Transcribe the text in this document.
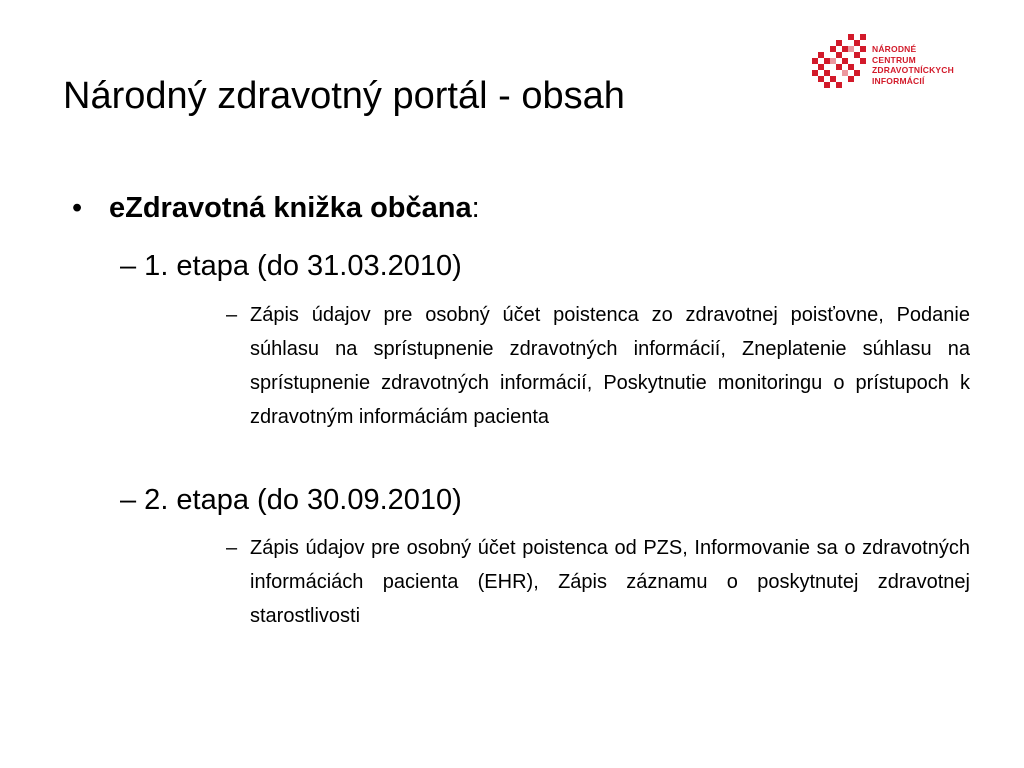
Národný zdravotný portál - obsah
NÁRODNÉ
CENTRUM
ZDRAVOTNÍCKYCH
INFORMÁCIÍ
• eZdravotná knižka občana:
– 1. etapa (do 31.03.2010)
– Zápis údajov pre osobný účet poistenca zo zdravotnej poisťovne, Podanie súhlasu na sprístupnenie zdravotných informácií, Zneplatenie súhlasu na sprístupnenie zdravotných informácií, Poskytnutie monitoringu o prístupoch k zdravotným informáciám pacienta
– 2. etapa (do 30.09.2010)
– Zápis údajov pre osobný účet poistenca od PZS, Informovanie sa o zdravotných informáciách pacienta (EHR), Zápis záznamu o poskytnutej zdravotnej starostlivosti
